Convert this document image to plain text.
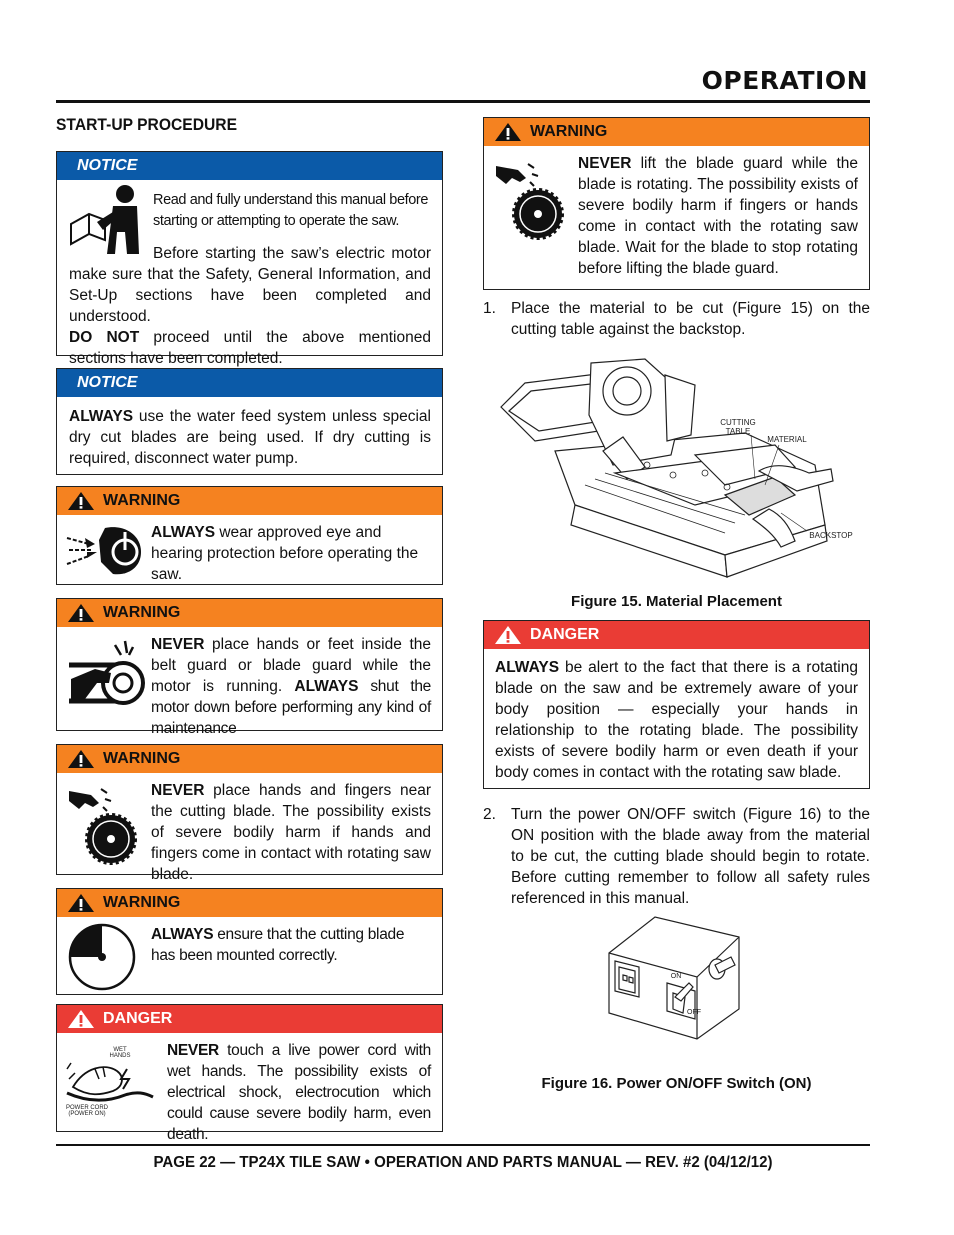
OPERATION
START-UP PROCEDURE
NOTICE
Read and fully understand this manual before starting or attempting to operate the saw.
Before starting the saw’s electric motor make sure that the Safety, General Information, and Set-Up sections have been completed and understood. DO NOT proceed until the above mentioned sections have been completed.
NOTICE
ALWAYS use the water feed system unless special dry cut blades are being used. If dry cutting is required, disconnect water pump.
WARNING
ALWAYS wear approved eye and hearing protection before operating the saw.
WARNING
NEVER place hands or feet inside the belt guard or blade guard while the motor is running. ALWAYS shut the motor down before performing any kind of maintenance
WARNING
NEVER place hands and fingers near the cutting blade. The possibility exists of severe bodily harm if hands and fingers come in contact with rotating saw blade.
WARNING
ALWAYS ensure that the cutting blade has been mounted correctly.
DANGER
WET HANDS
POWER CORD (POWER ON)
NEVER touch a live power cord with wet hands. The possibility exists of electrical shock, electrocution which could cause severe bodily harm, even death.
WARNING
NEVER lift the blade guard while the blade is rotating. The possibility exists of severe bodily harm if fingers or hands come in contact with the rotating saw blade. Wait for the blade to stop rotating before lifting the blade guard.
1. Place the material to be cut (Figure 15) on the cutting table against the backstop.
CUTTING TABLE
MATERIAL
BACKSTOP
Figure 15. Material Placement
DANGER
ALWAYS be alert to the fact that there is a rotating blade on the saw and be extremely aware of your body position — especially your hands in relationship to the rotating blade. The possibility exists of severe bodily harm or even death if your body comes in contact with the rotating saw blade.
2. Turn the power ON/OFF switch (Figure 16) to the ON position with the blade away from the material to be cut, the cutting blade should begin to rotate. Before cutting remember to follow all safety rules referenced in this manual.
ON
OFF
Figure 16. Power ON/OFF Switch (ON)
PAGE 22 — TP24X TILE SAW • OPERATION AND PARTS MANUAL — REV. #2 (04/12/12)
